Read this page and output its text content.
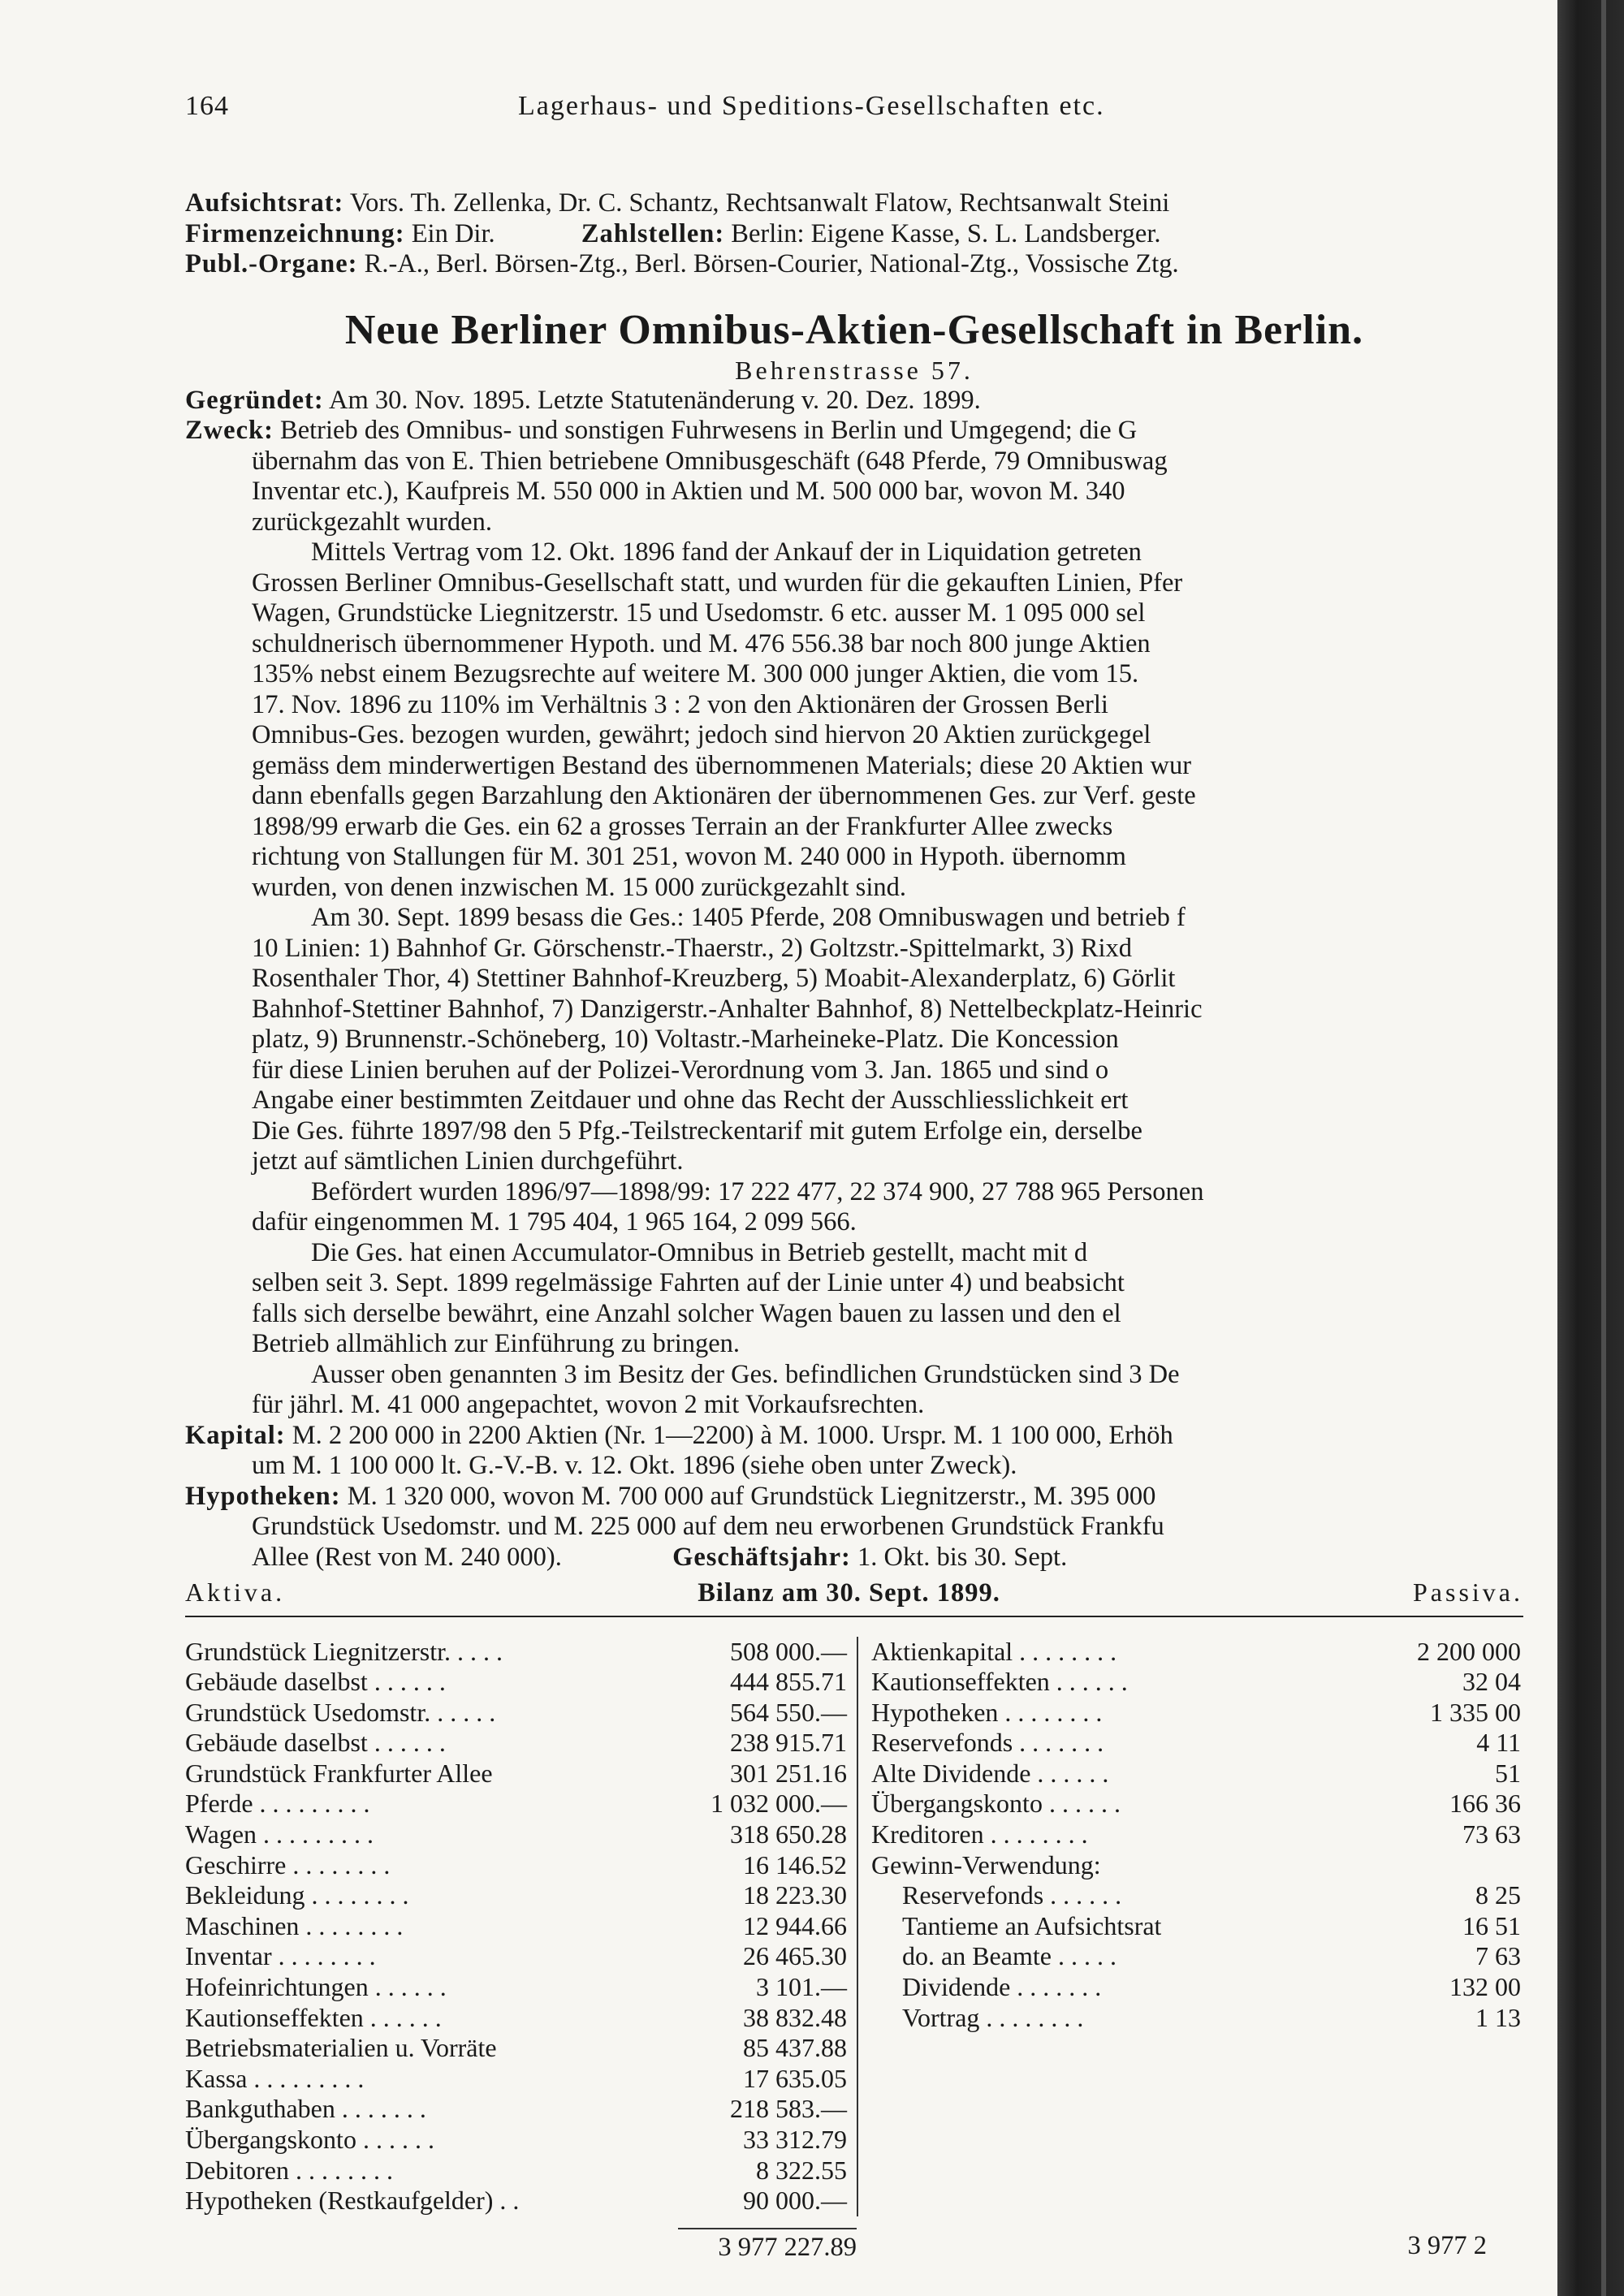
164	Lagerhaus- und Speditions-Gesellschaften etc.
Aufsichtsrat: Vors. Th. Zellenka, Dr. C. Schantz, Rechtsanwalt Flatow, Rechtsanwalt Steini
Firmenzeichnung: Ein Dir.	Zahlstellen: Berlin: Eigene Kasse, S. L. Landsberger.
Publ.-Organe: R.-A., Berl. Börsen-Ztg., Berl. Börsen-Courier, National-Ztg., Vossische Ztg.
Neue Berliner Omnibus-Aktien-Gesellschaft in Berlin.
Behrenstrasse 57.
Gegründet: Am 30. Nov. 1895. Letzte Statutenänderung v. 20. Dez. 1899.
Zweck: Betrieb des Omnibus- und sonstigen Fuhrwesens in Berlin und Umgegend; die G
übernahm das von E. Thien betriebene Omnibusgeschäft (648 Pferde, 79 Omnibuswag
Inventar etc.), Kaufpreis M. 550 000 in Aktien und M. 500 000 bar, wovon M. 340
zurückgezahlt wurden.
Mittels Vertrag vom 12. Okt. 1896 fand der Ankauf der in Liquidation getreten
Grossen Berliner Omnibus-Gesellschaft statt, und wurden für die gekauften Linien, Pfer
Wagen, Grundstücke Liegnitzerstr. 15 und Usedomstr. 6 etc. ausser M. 1 095 000 sel
schuldnerisch übernommener Hypoth. und M. 476 556.38 bar noch 800 junge Aktien
135% nebst einem Bezugsrechte auf weitere M. 300 000 junger Aktien, die vom 15.
17. Nov. 1896 zu 110% im Verhältnis 3 : 2 von den Aktionären der Grossen Berli
Omnibus-Ges. bezogen wurden, gewährt; jedoch sind hiervon 20 Aktien zurückgegel
gemäss dem minderwertigen Bestand des übernommenen Materials; diese 20 Aktien wur
dann ebenfalls gegen Barzahlung den Aktionären der übernommenen Ges. zur Verf. geste
1898/99 erwarb die Ges. ein 62 a grosses Terrain an der Frankfurter Allee zwecks
richtung von Stallungen für M. 301 251, wovon M. 240 000 in Hypoth. übernomm
wurden, von denen inzwischen M. 15 000 zurückgezahlt sind.
Am 30. Sept. 1899 besass die Ges.: 1405 Pferde, 208 Omnibuswagen und betrieb f
10 Linien: 1) Bahnhof Gr. Görschenstr.-Thaerstr., 2) Goltzstr.-Spittelmarkt, 3) Rixd
Rosenthaler Thor, 4) Stettiner Bahnhof-Kreuzberg, 5) Moabit-Alexanderplatz, 6) Görlit
Bahnhof-Stettiner Bahnhof, 7) Danzigerstr.-Anhalter Bahnhof, 8) Nettelbeckplatz-Heinric
platz, 9) Brunnenstr.-Schöneberg, 10) Voltastr.-Marheineke-Platz. Die Koncession
für diese Linien beruhen auf der Polizei-Verordnung vom 3. Jan. 1865 und sind o
Angabe einer bestimmten Zeitdauer und ohne das Recht der Ausschliesslichkeit ert
Die Ges. führte 1897/98 den 5 Pfg.-Teilstreckentarif mit gutem Erfolge ein, derselbe
jetzt auf sämtlichen Linien durchgeführt.
Befördert wurden 1896/97—1898/99: 17 222 477, 22 374 900, 27 788 965 Personen
dafür eingenommen M. 1 795 404, 1 965 164, 2 099 566.
Die Ges. hat einen Accumulator-Omnibus in Betrieb gestellt, macht mit d
selben seit 3. Sept. 1899 regelmässige Fahrten auf der Linie unter 4) und beabsicht
falls sich derselbe bewährt, eine Anzahl solcher Wagen bauen zu lassen und den el
Betrieb allmählich zur Einführung zu bringen.
Ausser oben genannten 3 im Besitz der Ges. befindlichen Grundstücken sind 3 De
für jährl. M. 41 000 angepachtet, wovon 2 mit Vorkaufsrechten.
Kapital: M. 2 200 000 in 2200 Aktien (Nr. 1—2200) à M. 1000. Urspr. M. 1 100 000, Erhöh
um M. 1 100 000 lt. G.-V.-B. v. 12. Okt. 1896 (siehe oben unter Zweck).
Hypotheken: M. 1 320 000, wovon M. 700 000 auf Grundstück Liegnitzerstr., M. 395 000
Grundstück Usedomstr. und M. 225 000 auf dem neu erworbenen Grundstück Frankfu
Allee (Rest von M. 240 000).	Geschäftsjahr: 1. Okt. bis 30. Sept.
Aktiva.	Bilanz am 30. Sept. 1899.	Passiva.
Grundstück Liegnitzerstr. . . . .	508 000.—
Gebäude daselbst . . . . . .	444 855.71
Grundstück Usedomstr. . . . . .	564 550.—
Gebäude daselbst . . . . . .	238 915.71
Grundstück Frankfurter Allee	301 251.16
Pferde . . . . . . . . .	1 032 000.—
Wagen . . . . . . . . .	318 650.28
Geschirre . . . . . . . .	16 146.52
Bekleidung . . . . . . . .	18 223.30
Maschinen . . . . . . . .	12 944.66
Inventar . . . . . . . .	26 465.30
Hofeinrichtungen . . . . . .	3 101.—
Kautionseffekten . . . . . .	38 832.48
Betriebsmaterialien u. Vorräte	85 437.88
Kassa . . . . . . . . .	17 635.05
Bankguthaben . . . . . . .	218 583.—
Übergangskonto . . . . . .	33 312.79
Debitoren . . . . . . . .	8 322.55
Hypotheken (Restkaufgelder) . .	90 000.—
Aktienkapital . . . . . . . .	2 200 000
Kautionseffekten . . . . . .	32 04
Hypotheken . . . . . . . .	1 335 00
Reservefonds . . . . . . .	4 11
Alte Dividende . . . . . .	51
Übergangskonto . . . . . .	166 36
Kreditoren . . . . . . . .	73 63
Gewinn-Verwendung:
Reservefonds . . . . . .	8 25
Tantieme an Aufsichtsrat	16 51
do. an Beamte . . . . .	7 63
Dividende . . . . . . .	132 00
Vortrag . . . . . . . .	1 13
3 977 227.89	3 977 2
